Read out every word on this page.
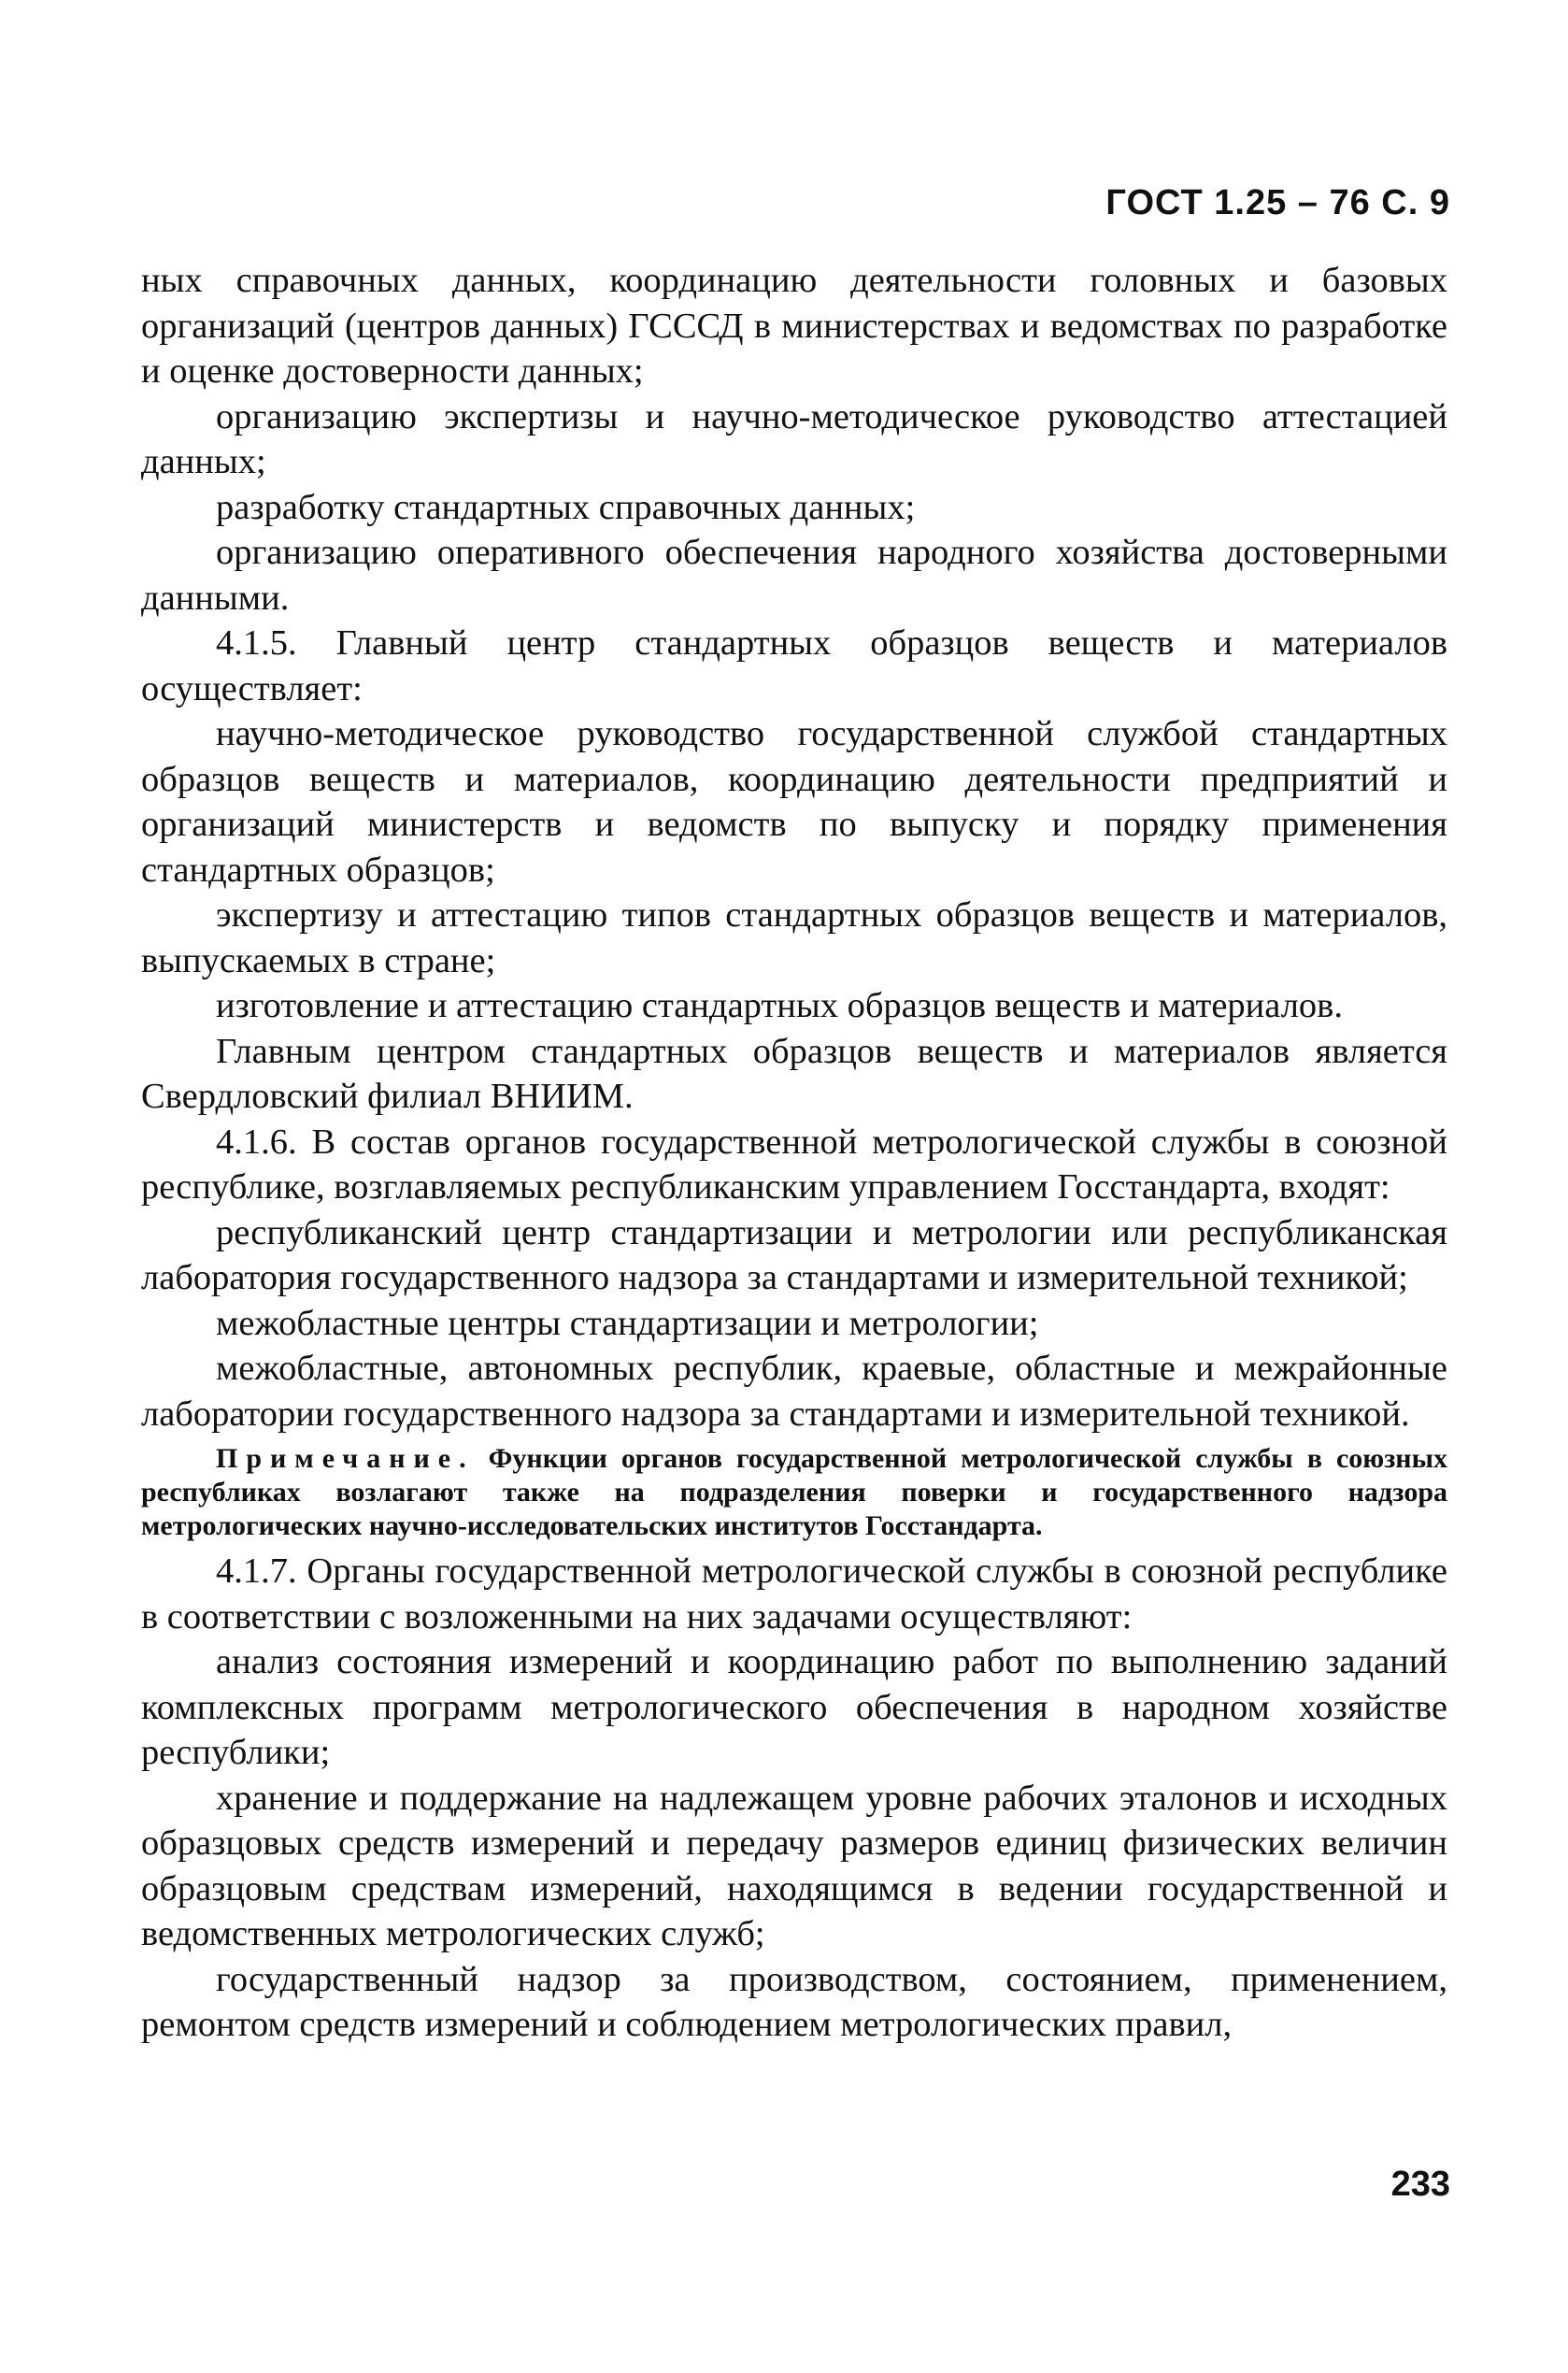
ГОСТ 1.25 – 76 С. 9

ных справочных данных, координацию деятельности головных и базовых организаций (центров данных) ГСССД в министерствах и ведомствах по разработке и оценке достоверности данных;

организацию экспертизы и научно-методическое руководство аттестацией данных;

разработку стандартных справочных данных;

организацию оперативного обеспечения народного хозяйства достоверными данными.

4.1.5. Главный центр стандартных образцов веществ и материалов осуществляет:

научно-методическое руководство государственной службой стандартных образцов веществ и материалов, координацию деятельности предприятий и организаций министерств и ведомств по выпуску и порядку применения стандартных образцов;

экспертизу и аттестацию типов стандартных образцов веществ и материалов, выпускаемых в стране;

изготовление и аттестацию стандартных образцов веществ и материалов.

Главным центром стандартных образцов веществ и материалов является Свердловский филиал ВНИИМ.

4.1.6. В состав органов государственной метрологической службы в союзной республике, возглавляемых республиканским управлением Госстандарта, входят:

республиканский центр стандартизации и метрологии или республиканская лаборатория государственного надзора за стандартами и измерительной техникой;

межобластные центры стандартизации и метрологии;

межобластные, автономных республик, краевые, областные и межрайонные лаборатории государственного надзора за стандартами и измерительной техникой.

Примечание. Функции органов государственной метрологической службы в союзных республиках возлагают также на подразделения поверки и государственного надзора метрологических научно-исследовательских институтов Госстандарта.

4.1.7. Органы государственной метрологической службы в союзной республике в соответствии с возложенными на них задачами осуществляют:

анализ состояния измерений и координацию работ по выполнению заданий комплексных программ метрологического обеспечения в народном хозяйстве республики;

хранение и поддержание на надлежащем уровне рабочих эталонов и исходных образцовых средств измерений и передачу размеров единиц физических величин образцовым средствам измерений, находящимся в ведении государственной и ведомственных метрологических служб;

государственный надзор за производством, состоянием, применением, ремонтом средств измерений и соблюдением метрологических правил,

233
